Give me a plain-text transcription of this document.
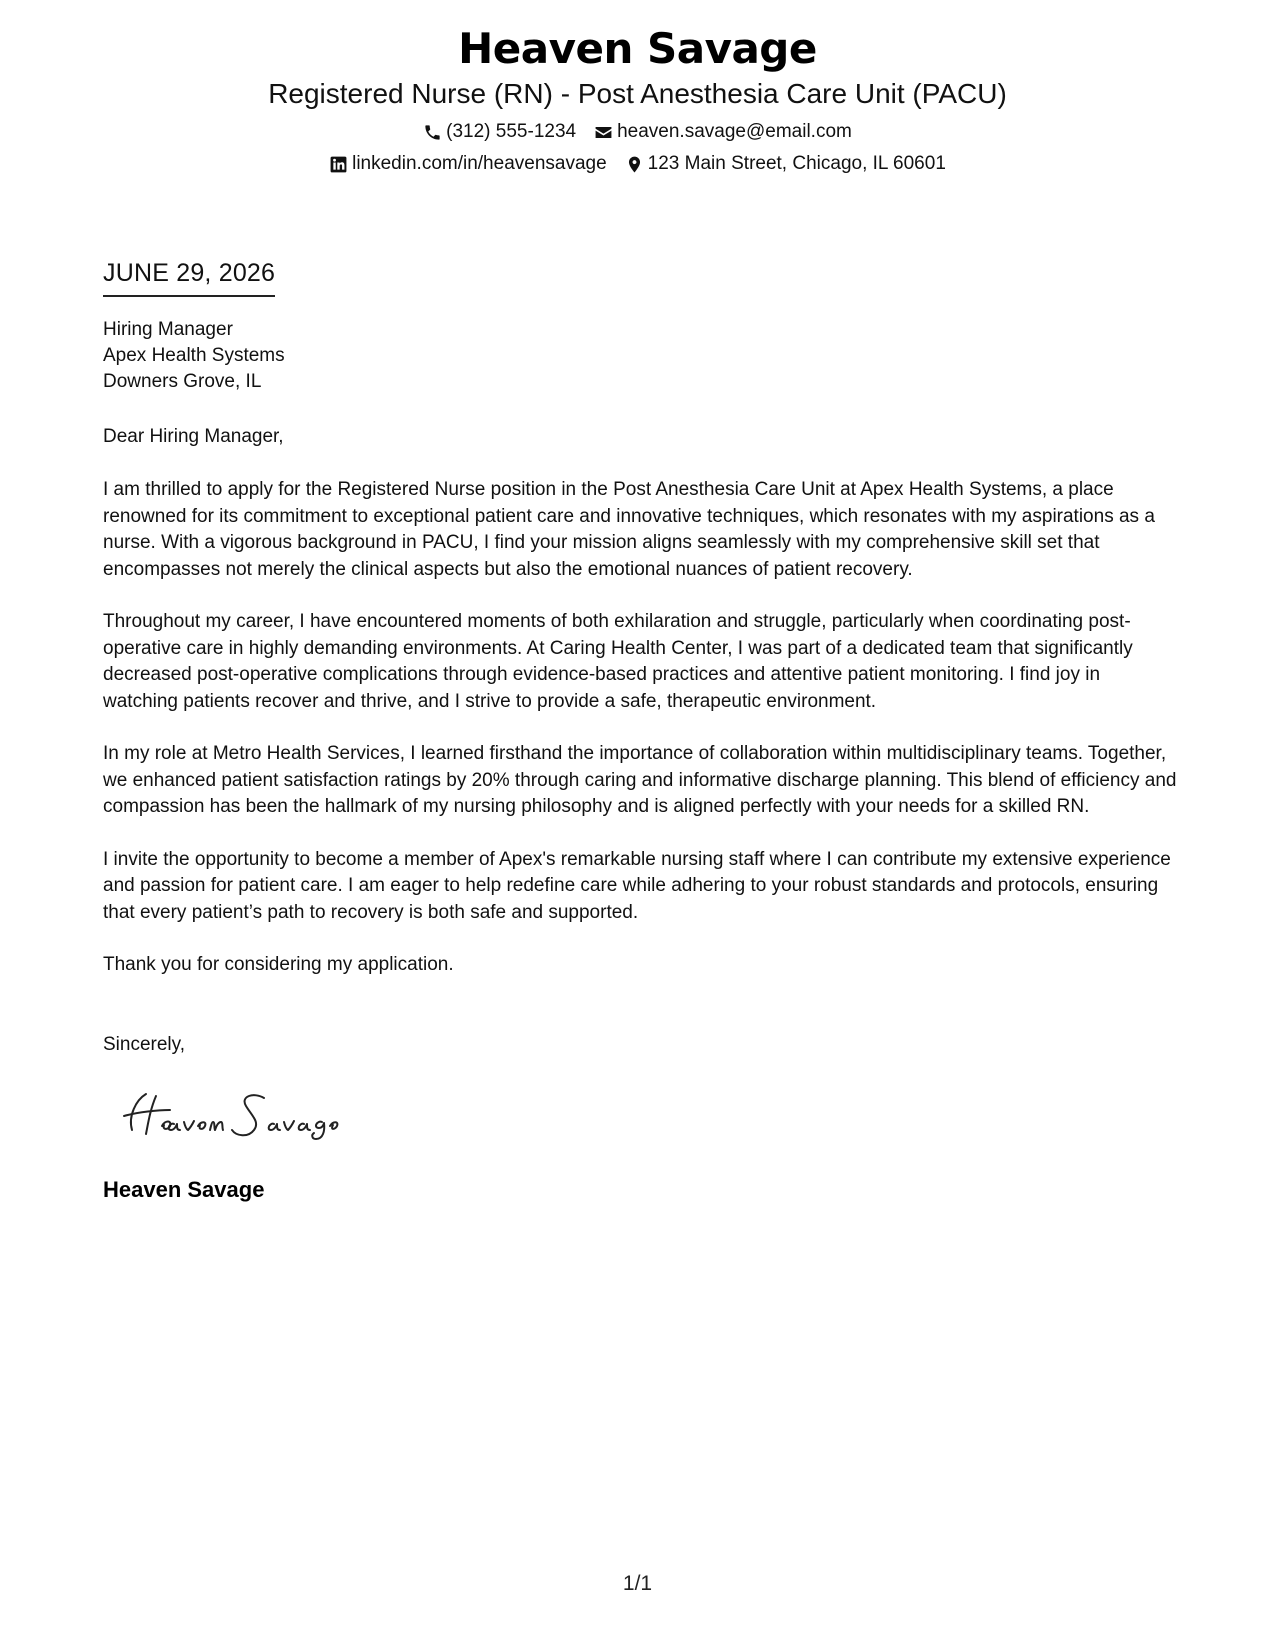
Heaven Savage
Registered Nurse (RN) - Post Anesthesia Care Unit (PACU)
(312) 555-1234 heaven.savage@email.com
linkedin.com/in/heavensavage 123 Main Street, Chicago, IL 60601
JUNE 29, 2026
Hiring Manager
Apex Health Systems
Downers Grove, IL
Dear Hiring Manager,

I am thrilled to apply for the Registered Nurse position in the Post Anesthesia Care Unit at Apex Health Systems, a place renowned for its commitment to exceptional patient care and innovative techniques, which resonates with my aspirations as a nurse. With a vigorous background in PACU, I find your mission aligns seamlessly with my comprehensive skill set that encompasses not merely the clinical aspects but also the emotional nuances of patient recovery.

Throughout my career, I have encountered moments of both exhilaration and struggle, particularly when coordinating post-operative care in highly demanding environments. At Caring Health Center, I was part of a dedicated team that significantly decreased post-operative complications through evidence-based practices and attentive patient monitoring. I find joy in watching patients recover and thrive, and I strive to provide a safe, therapeutic environment.

In my role at Metro Health Services, I learned firsthand the importance of collaboration within multidisciplinary teams. Together, we enhanced patient satisfaction ratings by 20% through caring and informative discharge planning. This blend of efficiency and compassion has been the hallmark of my nursing philosophy and is aligned perfectly with your needs for a skilled RN.

I invite the opportunity to become a member of Apex's remarkable nursing staff where I can contribute my extensive experience and passion for patient care. I am eager to help redefine care while adhering to your robust standards and protocols, ensuring that every patient’s path to recovery is both safe and supported.

Thank you for considering my application.

Sincerely,
Heaven Savage
1/1
